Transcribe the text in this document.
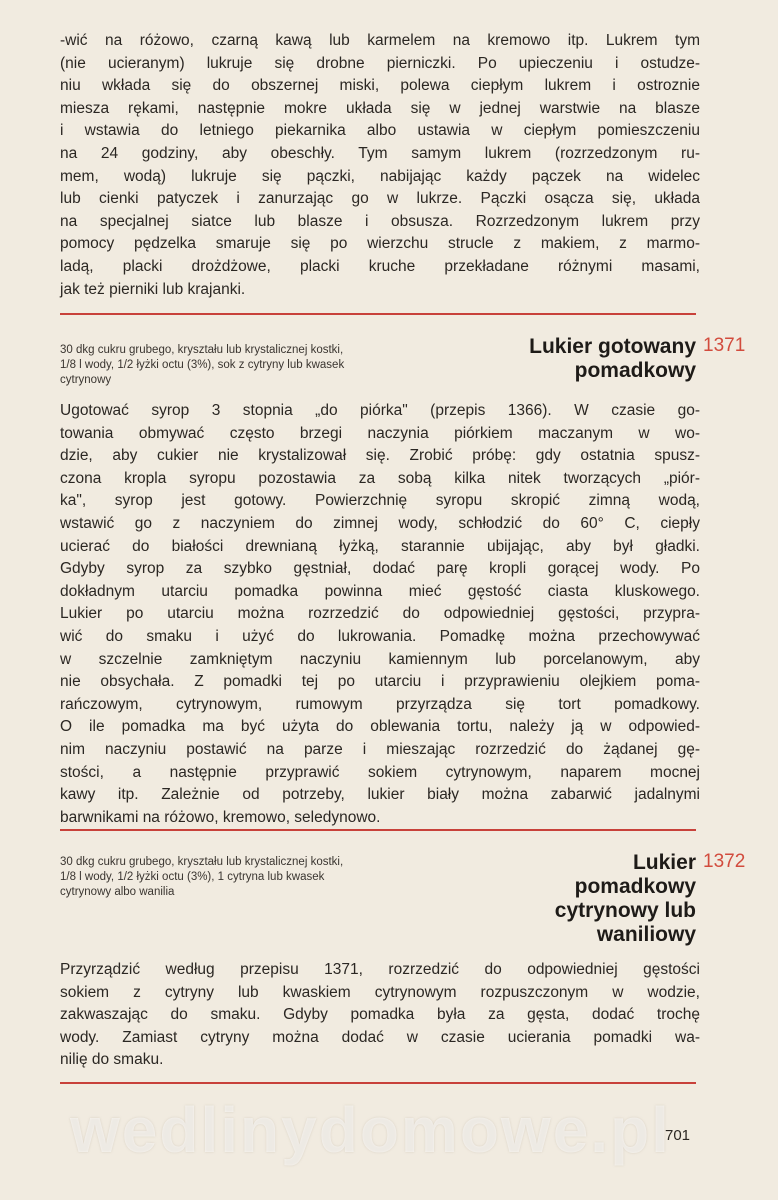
-wić na różowo, czarną kawą lub karmelem na kremowo itp. Lukrem tym
(nie ucieranym) lukruje się drobne pierniczki. Po upieczeniu i ostudze-
niu wkłada się do obszernej miski, polewa ciepłym lukrem i ostroznie
miesza rękami, następnie mokre układa się w jednej warstwie na blasze
i wstawia do letniego piekarnika albo ustawia w ciepłym pomieszczeniu
na 24 godziny, aby obeschły. Tym samym lukrem (rozrzedzonym ru-
mem, wodą) lukruje się pączki, nabijając każdy pączek na widelec
lub cienki patyczek i zanurzając go w lukrze. Pączki osącza się, układa
na specjalnej siatce lub blasze i obsusza. Rozrzedzonym lukrem przy
pomocy pędzelka smaruje się po wierzchu strucle z makiem, z marmo-
ladą, placki drożdżowe, placki kruche przekładane różnymi masami,
jak też pierniki lub krajanki.

30 dkg cukru grubego, kryształu lub krystalicznej kostki,
1/8 l wody, 1/2 łyżki octu (3%), sok z cytryny lub kwasek
cytrynowy
Lukier gotowany
pomadkowy
1371

Ugotować syrop 3 stopnia „do piórka" (przepis 1366). W czasie go-
towania obmywać często brzegi naczynia piórkiem maczanym w wo-
dzie, aby cukier nie krystalizował się. Zrobić próbę: gdy ostatnia spusz-
czona kropla syropu pozostawia za sobą kilka nitek tworzących „piór-
ka", syrop jest gotowy. Powierzchnię syropu skropić zimną wodą,
wstawić go z naczyniem do zimnej wody, schłodzić do 60° C, ciepły
ucierać do białości drewnianą łyżką, starannie ubijając, aby był gładki.
Gdyby syrop za szybko gęstniał, dodać parę kropli gorącej wody. Po
dokładnym utarciu pomadka powinna mieć gęstość ciasta kluskowego.
Lukier po utarciu można rozrzedzić do odpowiedniej gęstości, przypra-
wić do smaku i użyć do lukrowania. Pomadkę można przechowywać
w szczelnie zamkniętym naczyniu kamiennym lub porcelanowym, aby
nie obsychała. Z pomadki tej po utarciu i przyprawieniu olejkiem poma-
rańczowym, cytrynowym, rumowym przyrządza się tort pomadkowy.
O ile pomadka ma być użyta do oblewania tortu, należy ją w odpowied-
nim naczyniu postawić na parze i mieszając rozrzedzić do żądanej gę-
stości, a następnie przyprawić sokiem cytrynowym, naparem mocnej
kawy itp. Zależnie od potrzeby, lukier biały można zabarwić jadalnymi
barwnikami na różowo, kremowo, seledynowo.

30 dkg cukru grubego, kryształu lub krystalicznej kostki,
1/8 l wody, 1/2 łyżki octu (3%), 1 cytryna lub kwasek
cytrynowy albo wanilia
Lukier
pomadkowy
cytrynowy lub
waniliowy
1372

Przyrządzić według przepisu 1371, rozrzedzić do odpowiedniej gęstości
sokiem z cytryny lub kwaskiem cytrynowym rozpuszczonym w wodzie,
zakwaszając do smaku. Gdyby pomadka była za gęsta, dodać trochę
wody. Zamiast cytryny można dodać w czasie ucierania pomadki wa-
nilię do smaku.

wedlinydomowe.pl
701
